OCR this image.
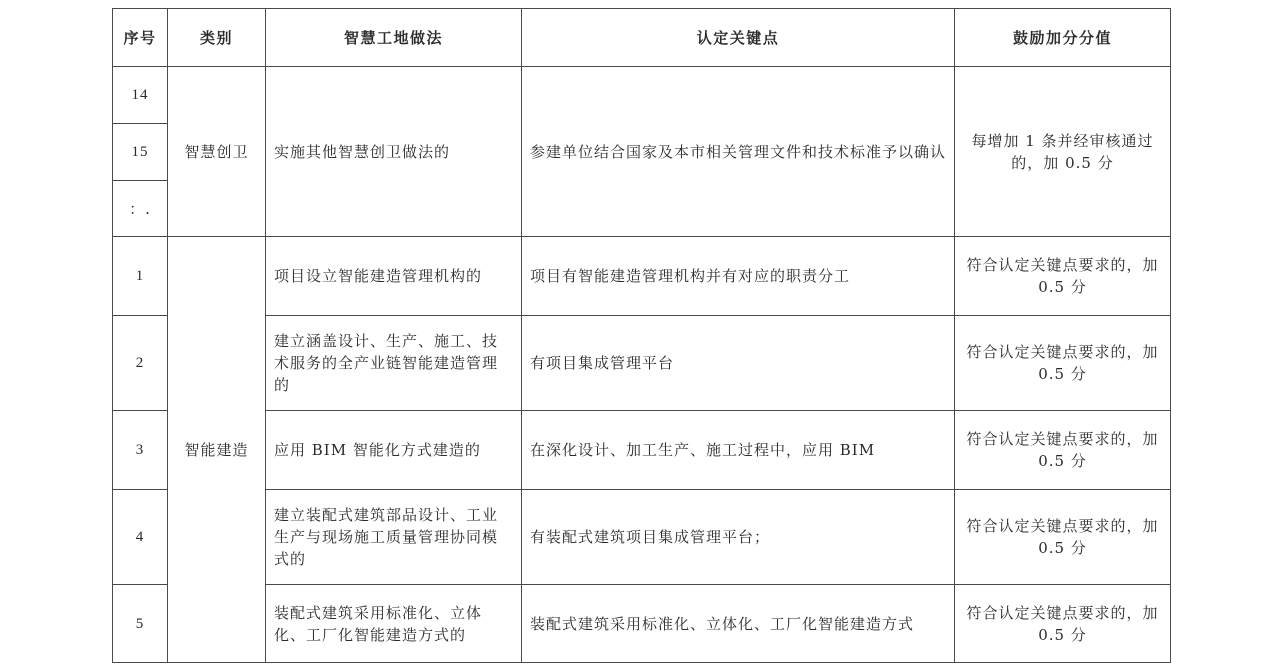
序号	类别	智慧工地做法	认定关键点	鼓励加分分值
14	智慧创卫	实施其他智慧创卫做法的	参建单位结合国家及本市相关管理文件和技术标准予以确认	每增加 1 条并经审核通过的，加 0.5 分
15				
：.				
1	智能建造	项目设立智能建造管理机构的	项目有智能建造管理机构并有对应的职责分工	符合认定关键点要求的，加 0.5 分
2		建立涵盖设计、生产、施工、技术服务的全产业链智能建造管理的	有项目集成管理平台	符合认定关键点要求的，加 0.5 分
3		应用 BIM 智能化方式建造的	在深化设计、加工生产、施工过程中，应用 BIM	符合认定关键点要求的，加 0.5 分
4		建立装配式建筑部品设计、工业生产与现场施工质量管理协同模式的	有装配式建筑项目集成管理平台；	符合认定关键点要求的，加 0.5 分
5		装配式建筑采用标准化、立体化、工厂化智能建造方式的	装配式建筑采用标准化、立体化、工厂化智能建造方式	符合认定关键点要求的，加 0.5 分
